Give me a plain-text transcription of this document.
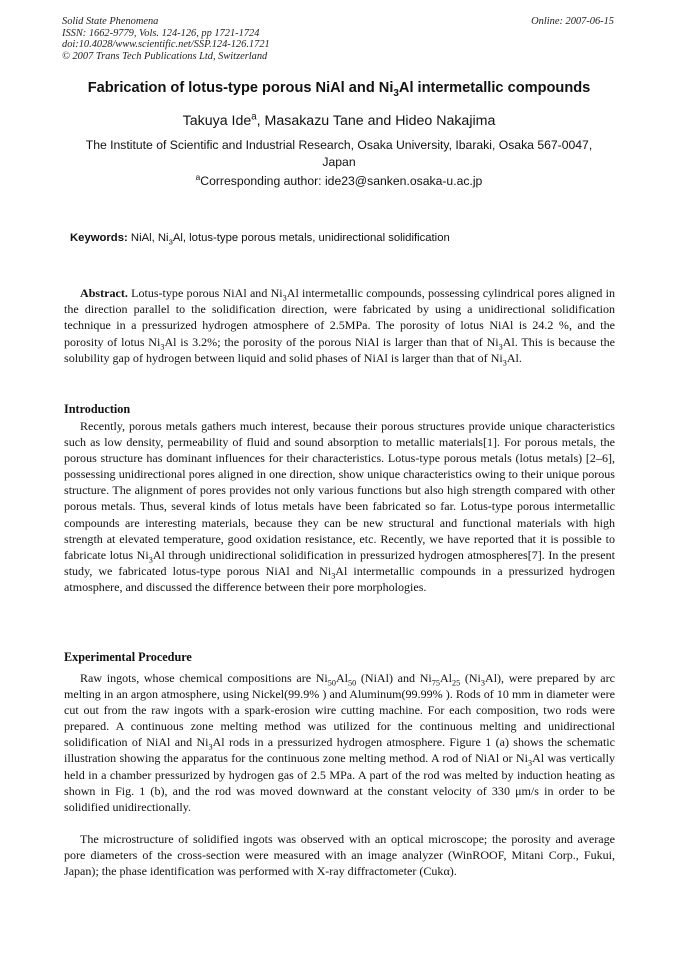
Solid State Phenomena
ISSN: 1662-9779, Vols. 124-126, pp 1721-1724
doi:10.4028/www.scientific.net/SSP.124-126.1721
© 2007 Trans Tech Publications Ltd, Switzerland
Online: 2007-06-15
Fabrication of lotus-type porous NiAl and $Ni_3Al$ intermetallic compounds
Takuya Ide$^a$, Masakazu Tane and Hideo Nakajima
The Institute of Scientific and Industrial Research, Osaka University, Ibaraki, Osaka 567-0047, Japan
$^a$Corresponding author: ide23@sanken.osaka-u.ac.jp
Keywords: NiAl, $Ni_3Al$, lotus-type porous metals, unidirectional solidification

Abstract. Lotus-type porous NiAl and $Ni_3Al$ intermetallic compounds, possessing cylindrical pores aligned in the direction parallel to the solidification direction, were fabricated by using a unidirectional solidification technique in a pressurized hydrogen atmosphere of 2.5MPa. The porosity of lotus NiAl is 24.2 %, and the porosity of lotus $Ni_3Al$ is 3.2%; the porosity of the porous NiAl is larger than that of $Ni_3Al$. This is because the solubility gap of hydrogen between liquid and solid phases of NiAl is larger than that of $Ni_3Al$.

Introduction

Recently, porous metals gathers much interest, because their porous structures provide unique characteristics such as low density, permeability of fluid and sound absorption to metallic materials[1]. For porous metals, the porous structure has dominant influences for their characteristics. Lotus-type porous metals (lotus metals) [2–6], possessing unidirectional pores aligned in one direction, show unique characteristics owing to their unique porous structure. The alignment of pores provides not only various functions but also high strength compared with other porous metals. Thus, several kinds of lotus metals have been fabricated so far. Lotus-type porous intermetallic compounds are interesting materials, because they can be new structural and functional materials with high strength at elevated temperature, good oxidation resistance, etc. Recently, we have reported that it is possible to fabricate lotus $Ni_3Al$ through unidirectional solidification in pressurized hydrogen atmospheres[7]. In the present study, we fabricated lotus-type porous NiAl and $Ni_3Al$ intermetallic compounds in a pressurized hydrogen atmosphere, and discussed the difference between their pore morphologies.

Experimental Procedure

Raw ingots, whose chemical compositions are $Ni_{50}Al_{50}$ (NiAl) and $Ni_{75}Al_{25}$ $(Ni_3Al)$, were prepared by arc melting in an argon atmosphere, using Nickel(99.9% ) and Aluminum(99.99% ). Rods of 10 mm in diameter were cut out from the raw ingots with a spark-erosion wire cutting machine. For each composition, two rods were prepared. A continuous zone melting method was utilized for the continuous melting and unidirectional solidification of NiAl and $Ni_3Al$ rods in a pressurized hydrogen atmosphere. Figure 1 (a) shows the schematic illustration showing the apparatus for the continuous zone melting method. A rod of NiAl or $Ni_3Al$ was vertically held in a chamber pressurized by hydrogen gas of 2.5 MPa. A part of the rod was melted by induction heating as shown in Fig. 1 (b), and the rod was moved downward at the constant velocity of 330 μm/s in order to be solidified unidirectionally.

The microstructure of solidified ingots was observed with an optical microscope; the porosity and average pore diameters of the cross-section were measured with an image analyzer (WinROOF, Mitani Corp., Fukui, Japan); the phase identification was performed with X-ray diffractometer (Cukα).
